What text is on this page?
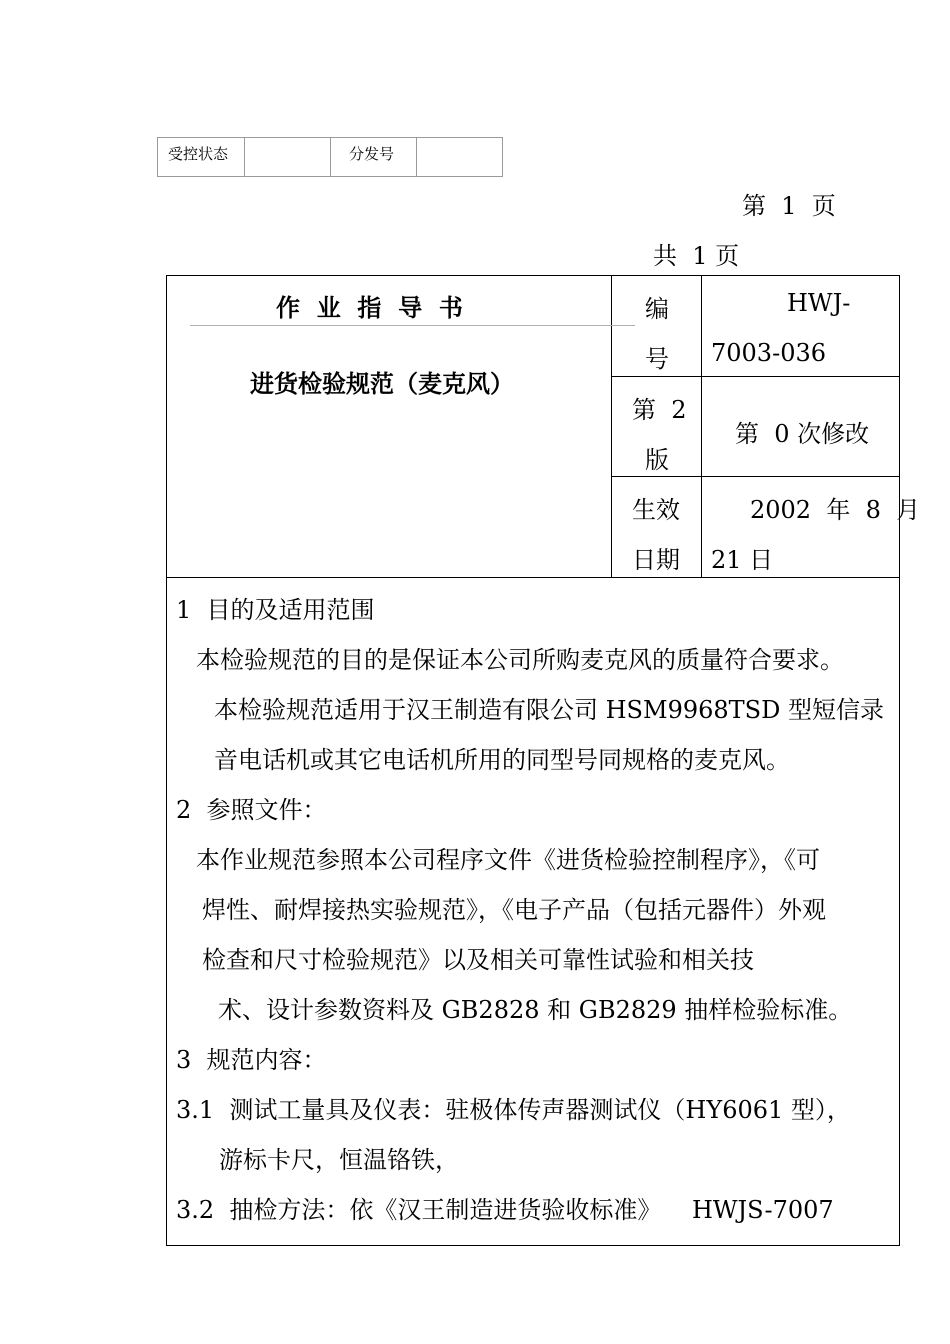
受控状态	分发号
第  1  页
共  1 页
作  业  指  导  书
进货检验规范（麦克风）
编
号
HWJ-
7003-036
第  2
版
第  0 次修改
生效
日期
2002  年  8  月
21 日
1  目的及适用范围
本检验规范的目的是保证本公司所购麦克风的质量符合要求。
本检验规范适用于汉王制造有限公司 HSM9968TSD 型短信录
音电话机或其它电话机所用的同型号同规格的麦克风。
2  参照文件：
本作业规范参照本公司程序文件《进货检验控制程序》，《可
焊性、耐焊接热实验规范》，《电子产品（包括元器件）外观
检查和尺寸检验规范》以及相关可靠性试验和相关技
术、设计参数资料及 GB2828 和 GB2829 抽样检验标准。
3  规范内容：
3.1  测试工量具及仪表：驻极体传声器测试仪（HY6061 型），
游标卡尺，恒温铬铁，
3.2  抽检方法：依《汉王制造进货验收标准》    HWJS-7007
